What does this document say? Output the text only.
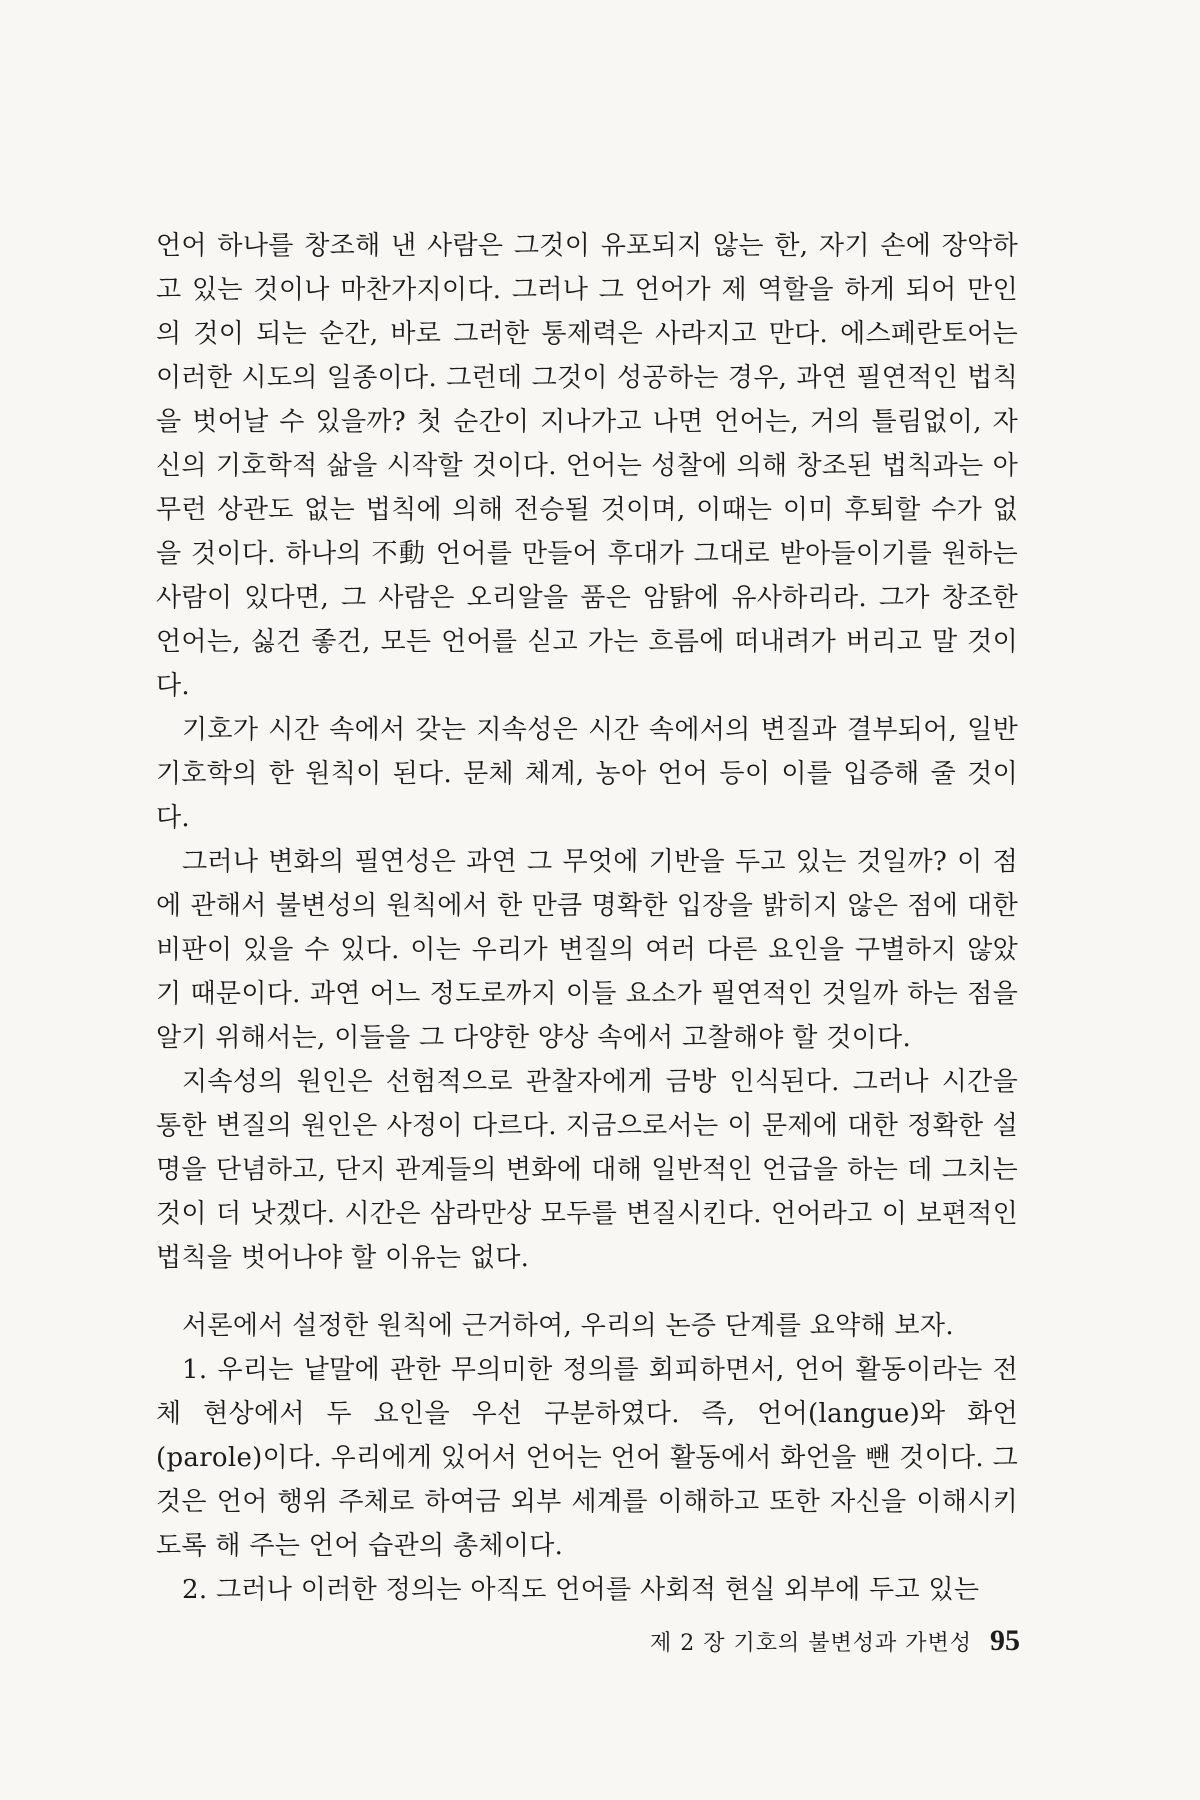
언어 하나를 창조해 낸 사람은 그것이 유포되지 않는 한, 자기 손에 장악하고 있는 것이나 마찬가지이다. 그러나 그 언어가 제 역할을 하게 되어 만인의 것이 되는 순간, 바로 그러한 통제력은 사라지고 만다. 에스페란토어는 이러한 시도의 일종이다. 그런데 그것이 성공하는 경우, 과연 필연적인 법칙을 벗어날 수 있을까? 첫 순간이 지나가고 나면 언어는, 거의 틀림없이, 자신의 기호학적 삶을 시작할 것이다. 언어는 성찰에 의해 창조된 법칙과는 아무런 상관도 없는 법칙에 의해 전승될 것이며, 이때는 이미 후퇴할 수가 없을 것이다. 하나의 不動 언어를 만들어 후대가 그대로 받아들이기를 원하는 사람이 있다면, 그 사람은 오리알을 품은 암탉에 유사하리라. 그가 창조한 언어는, 싫건 좋건, 모든 언어를 싣고 가는 흐름에 떠내려가 버리고 말 것이다.

기호가 시간 속에서 갖는 지속성은 시간 속에서의 변질과 결부되어, 일반 기호학의 한 원칙이 된다. 문체 체계, 농아 언어 등이 이를 입증해 줄 것이다.

그러나 변화의 필연성은 과연 그 무엇에 기반을 두고 있는 것일까? 이 점에 관해서 불변성의 원칙에서 한 만큼 명확한 입장을 밝히지 않은 점에 대한 비판이 있을 수 있다. 이는 우리가 변질의 여러 다른 요인을 구별하지 않았기 때문이다. 과연 어느 정도로까지 이들 요소가 필연적인 것일까 하는 점을 알기 위해서는, 이들을 그 다양한 양상 속에서 고찰해야 할 것이다.

지속성의 원인은 선험적으로 관찰자에게 금방 인식된다. 그러나 시간을 통한 변질의 원인은 사정이 다르다. 지금으로서는 이 문제에 대한 정확한 설명을 단념하고, 단지 관계들의 변화에 대해 일반적인 언급을 하는 데 그치는 것이 더 낫겠다. 시간은 삼라만상 모두를 변질시킨다. 언어라고 이 보편적인 법칙을 벗어나야 할 이유는 없다.

서론에서 설정한 원칙에 근거하여, 우리의 논증 단계를 요약해 보자.

1. 우리는 낱말에 관한 무의미한 정의를 회피하면서, 언어 활동이라는 전체 현상에서 두 요인을 우선 구분하였다. 즉, 언어(langue)와 화언(parole)이다. 우리에게 있어서 언어는 언어 활동에서 화언을 뺀 것이다. 그것은 언어 행위 주체로 하여금 외부 세계를 이해하고 또한 자신을 이해시키도록 해 주는 언어 습관의 총체이다.

2. 그러나 이러한 정의는 아직도 언어를 사회적 현실 외부에 두고 있는

제 2 장 기호의 불변성과 가변성 95
